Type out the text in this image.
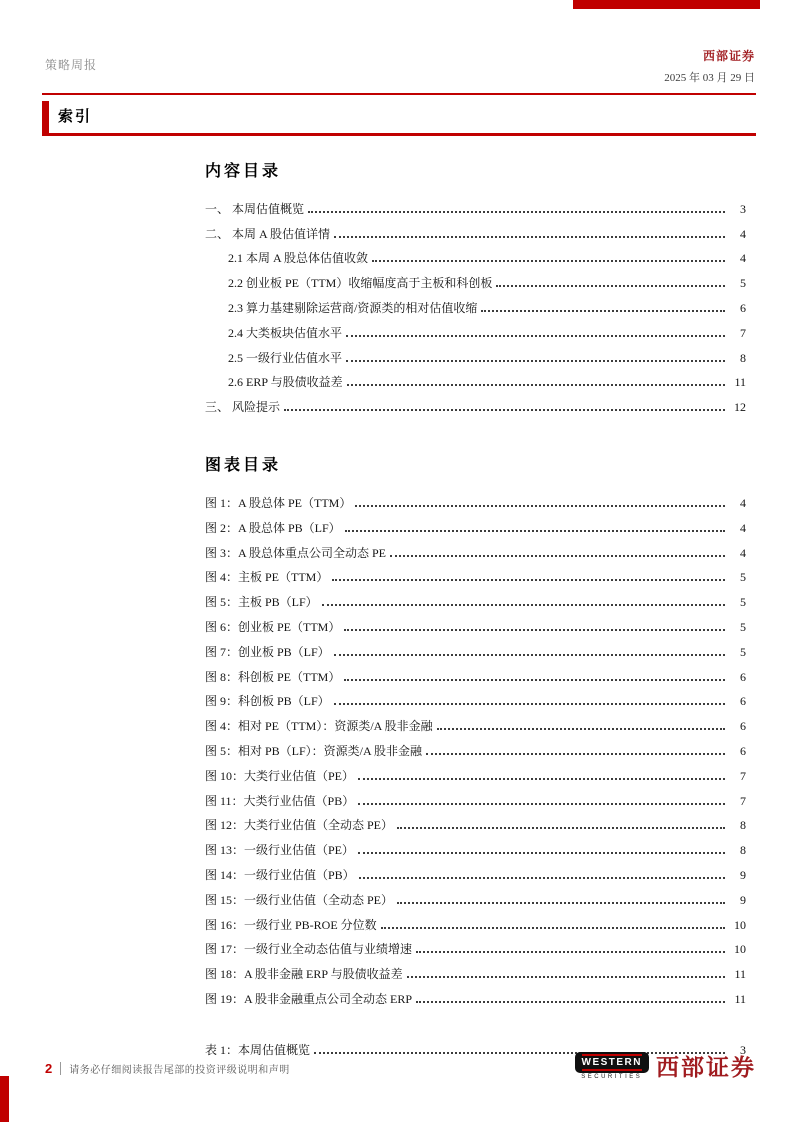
策略周报
西部证券
2025 年 03 月 29 日
索引
内容目录
一、 本周估值概览	3
二、 本周 A 股估值详情	4
2.1 本周 A 股总体估值收敛	4
2.2 创业板 PE（TTM）收缩幅度高于主板和科创板	5
2.3 算力基建剔除运营商/资源类的相对估值收缩	6
2.4 大类板块估值水平	7
2.5 一级行业估值水平	8
2.6 ERP 与股债收益差	11
三、 风险提示	12
图表目录
图 1：A 股总体 PE（TTM）	4
图 2：A 股总体 PB（LF）	4
图 3：A 股总体重点公司全动态 PE	4
图 4：主板 PE（TTM）	5
图 5：主板 PB（LF）	5
图 6：创业板 PE（TTM）	5
图 7：创业板 PB（LF）	5
图 8：科创板 PE（TTM）	6
图 9：科创板 PB（LF）	6
图 4：相对 PE（TTM）：资源类/A 股非金融	6
图 5：相对 PB（LF）：资源类/A 股非金融	6
图 10：大类行业估值（PE）	7
图 11：大类行业估值（PB）	7
图 12：大类行业估值（全动态 PE）	8
图 13：一级行业估值（PE）	8
图 14：一级行业估值（PB）	9
图 15：一级行业估值（全动态 PE）	9
图 16：一级行业 PB-ROE 分位数	10
图 17：一级行业全动态估值与业绩增速	10
图 18：A 股非金融 ERP 与股债收益差	11
图 19：A 股非金融重点公司全动态 ERP	11
表 1：本周估值概览	3
2 请务必仔细阅读报告尾部的投资评级说明和声明
WESTERN
SECURITIES 西部证券
